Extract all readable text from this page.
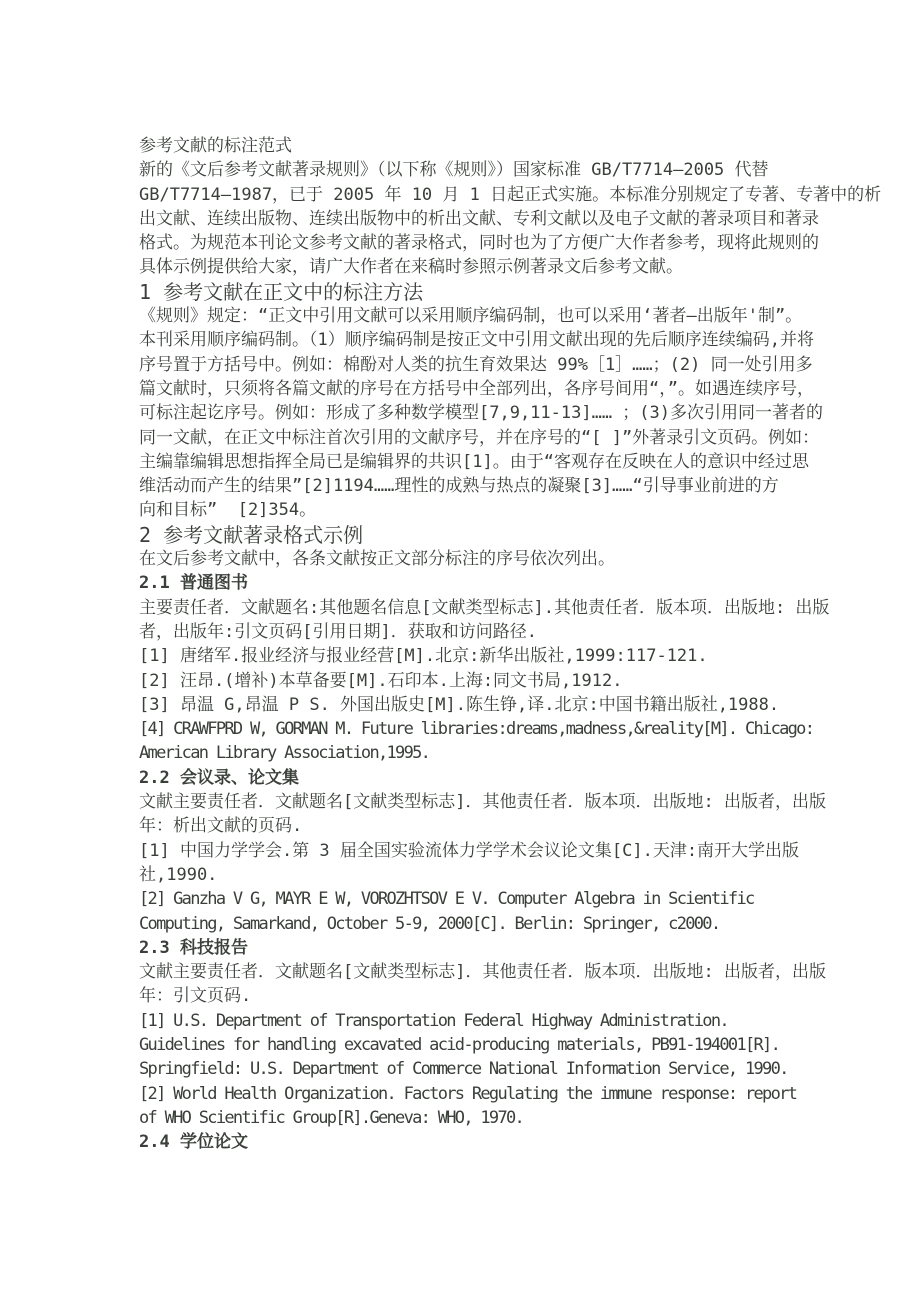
参考文献的标注范式
新的《文后参考文献著录规则》（以下称《规则》）国家标准 GB/T7714—2005 代替
GB/T7714—1987，已于 2005 年 10 月 1 日起正式实施。本标准分别规定了专著、专著中的析
出文献、连续出版物、连续出版物中的析出文献、专利文献以及电子文献的著录项目和著录
格式。为规范本刊论文参考文献的著录格式，同时也为了方便广大作者参考，现将此规则的
具体示例提供给大家，请广大作者在来稿时参照示例著录文后参考文献。
1 参考文献在正文中的标注方法
《规则》规定：“正文中引用文献可以采用顺序编码制，也可以采用‘著者—出版年'制”。
本刊采用顺序编码制。（1）顺序编码制是按正文中引用文献出现的先后顺序连续编码,并将
序号置于方括号中。例如：棉酚对人类的抗生育效果达 99%［1］……；(2) 同一处引用多
篇文献时，只须将各篇文献的序号在方括号中全部列出，各序号间用“，”。如遇连续序号，
可标注起讫序号。例如：形成了多种数学模型[7,9,11-13]…… ；(3)多次引用同一著者的
同一文献，在正文中标注首次引用的文献序号，并在序号的“[ ]”外著录引文页码。例如：
主编靠编辑思想指挥全局已是编辑界的共识[1]。由于“客观存在反映在人的意识中经过思
维活动而产生的结果”[2]1194……理性的成熟与热点的凝聚[3]……“引导事业前进的方
向和目标”  [2]354。
2 参考文献著录格式示例
在文后参考文献中，各条文献按正文部分标注的序号依次列出。
2.1 普通图书
主要责任者．文献题名:其他题名信息[文献类型标志].其他责任者．版本项．出版地: 出版
者，出版年:引文页码[引用日期]．获取和访问路径.
[1] 唐绪军.报业经济与报业经营[M].北京:新华出版社,1999:117-121.
[2] 汪昂.(增补)本草备要[M].石印本.上海:同文书局,1912.
[3] 昂温 G,昂温 P S. 外国出版史[M].陈生铮,译.北京:中国书籍出版社,1988.
[4] CRAWFPRD W, GORMAN M. Future libraries:dreams,madness,&reality[M]. Chicago:
American Library Association,1995.
2.2 会议录、论文集
文献主要责任者．文献题名[文献类型标志]．其他责任者．版本项．出版地: 出版者，出版
年：析出文献的页码.
[1] 中国力学学会.第 3 届全国实验流体力学学术会议论文集[C].天津:南开大学出版
社,1990.
[2] Ganzha V G, MAYR E W, VOROZHTSOV E V. Computer Algebra in Scientific
Computing, Samarkand, October 5-9, 2000[C]. Berlin: Springer, c2000.
2.3 科技报告
文献主要责任者．文献题名[文献类型标志]．其他责任者．版本项．出版地: 出版者，出版
年：引文页码.
[1] U.S. Department of Transportation Federal Highway Administration.
Guidelines for handling excavated acid-producing materials, PB91-194001[R].
Springfield: U.S. Department of Commerce National Information Service, 1990.
[2] World Health Organization. Factors Regulating the immune response: report
of WHO Scientific Group[R].Geneva: WHO, 1970.
2.4 学位论文
